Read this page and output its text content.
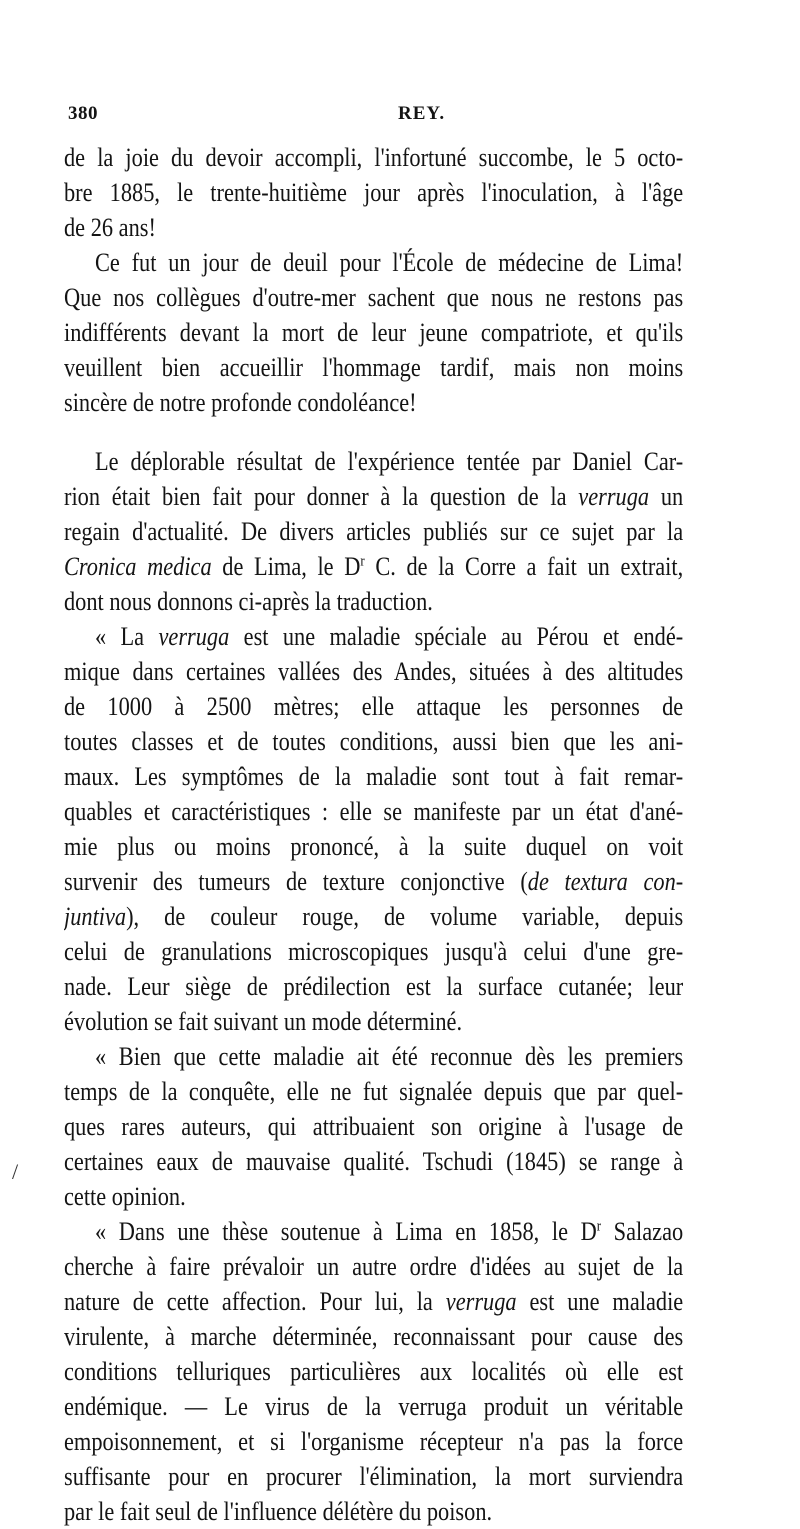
380	REY.
/
de la joie du devoir accompli, l'infortuné succombe, le 5 octo-
bre 1885, le trente-huitième jour après l'inoculation, à l'âge
de 26 ans!
Ce fut un jour de deuil pour l'École de médecine de Lima!
Que nos collègues d'outre-mer sachent que nous ne restons pas
indifférents devant la mort de leur jeune compatriote, et qu'ils
veuillent bien accueillir l'hommage tardif, mais non moins
sincère de notre profonde condoléance!
Le déplorable résultat de l'expérience tentée par Daniel Car-
rion était bien fait pour donner à la question de la verruga un
regain d'actualité. De divers articles publiés sur ce sujet par la
Cronica medica de Lima, le $D^r$ C. de la Corre a fait un extrait,
dont nous donnons ci-après la traduction.
« La verruga est une maladie spéciale au Pérou et endé-
mique dans certaines vallées des Andes, situées à des altitudes
de 1000 à 2500 mètres; elle attaque les personnes de
toutes classes et de toutes conditions, aussi bien que les ani-
maux. Les symptômes de la maladie sont tout à fait remar-
quables et caractéristiques : elle se manifeste par un état d'ané-
mie plus ou moins prononcé, à la suite duquel on voit
survenir des tumeurs de texture conjonctive (de textura con-
juntiva), de couleur rouge, de volume variable, depuis
celui de granulations microscopiques jusqu'à celui d'une gre-
nade. Leur siège de prédilection est la surface cutanée; leur
évolution se fait suivant un mode déterminé.
« Bien que cette maladie ait été reconnue dès les premiers
temps de la conquête, elle ne fut signalée depuis que par quel-
ques rares auteurs, qui attribuaient son origine à l'usage de
certaines eaux de mauvaise qualité. Tschudi (1845) se range à
cette opinion.
« Dans une thèse soutenue à Lima en 1858, le $D^r$ Salazao
cherche à faire prévaloir un autre ordre d'idées au sujet de la
nature de cette affection. Pour lui, la verruga est une maladie
virulente, à marche déterminée, reconnaissant pour cause des
conditions telluriques particulières aux localités où elle est
endémique. — Le virus de la verruga produit un véritable
empoisonnement, et si l'organisme récepteur n'a pas la force
suffisante pour en procurer l'élimination, la mort surviendra
par le fait seul de l'influence délétère du poison.
